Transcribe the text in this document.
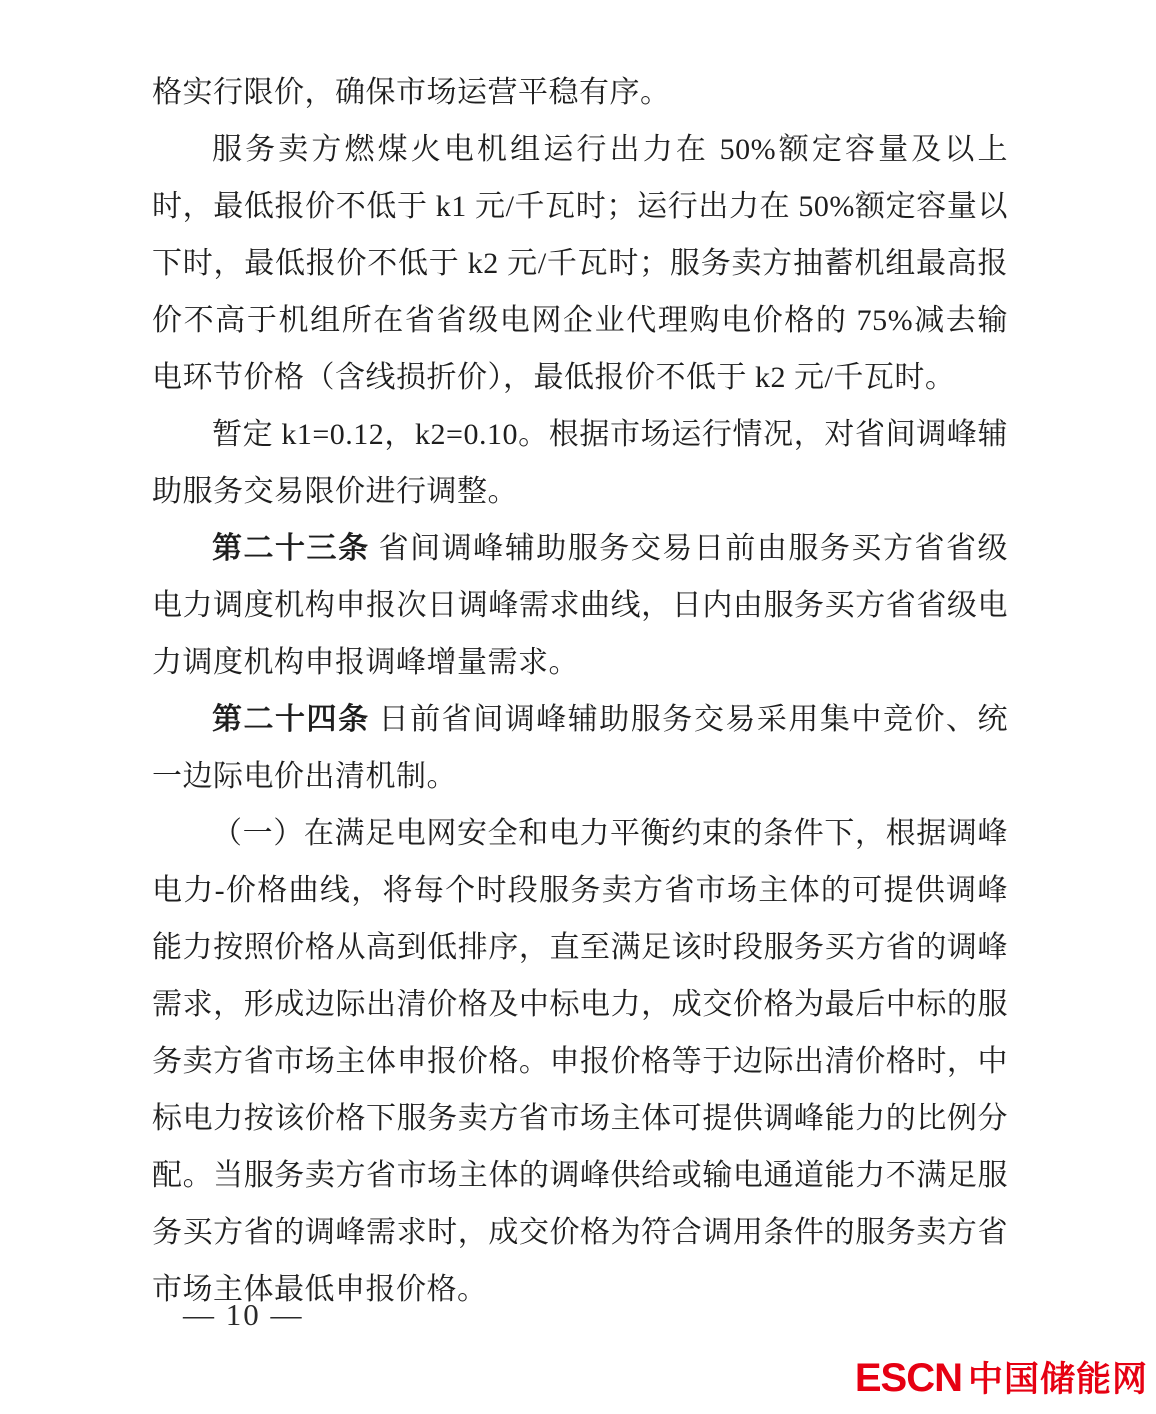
格实行限价，确保市场运营平稳有序。

服务卖方燃煤火电机组运行出力在 50%额定容量及以上时，最低报价不低于 k1 元/千瓦时；运行出力在 50%额定容量以下时，最低报价不低于 k2 元/千瓦时；服务卖方抽蓄机组最高报价不高于机组所在省省级电网企业代理购电价格的 75%减去输电环节价格（含线损折价），最低报价不低于 k2 元/千瓦时。

暂定 k1=0.12，k2=0.10。根据市场运行情况，对省间调峰辅助服务交易限价进行调整。

第二十三条 省间调峰辅助服务交易日前由服务买方省省级电力调度机构申报次日调峰需求曲线，日内由服务买方省省级电力调度机构申报调峰增量需求。

第二十四条 日前省间调峰辅助服务交易采用集中竞价、统一边际电价出清机制。

（一）在满足电网安全和电力平衡约束的条件下，根据调峰电力-价格曲线，将每个时段服务卖方省市场主体的可提供调峰能力按照价格从高到低排序，直至满足该时段服务买方省的调峰需求，形成边际出清价格及中标电力，成交价格为最后中标的服务卖方省市场主体申报价格。申报价格等于边际出清价格时，中标电力按该价格下服务卖方省市场主体可提供调峰能力的比例分配。当服务卖方省市场主体的调峰供给或输电通道能力不满足服务买方省的调峰需求时，成交价格为符合调用条件的服务卖方省市场主体最低申报价格。

— 10 —
ESCN 中国储能网
